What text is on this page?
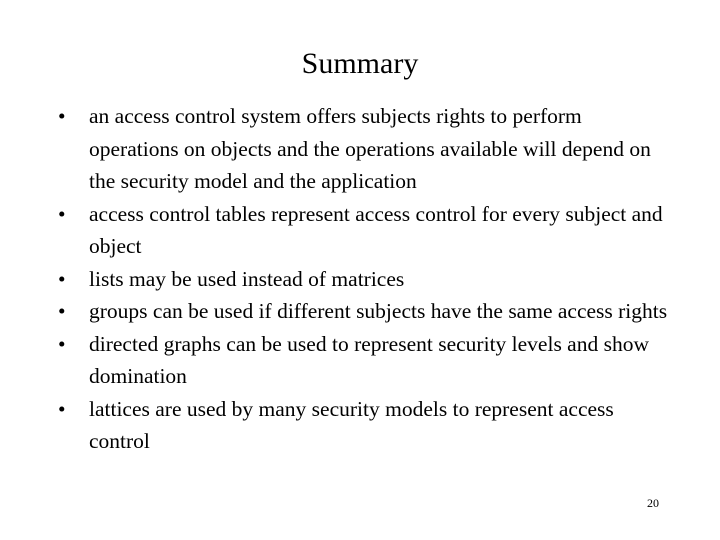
Summary
•	an access control system offers subjects rights to perform operations on objects and the operations available will depend on the security model and the application
•	access control tables represent access control for every subject and object
•	lists may be used instead of matrices
•	groups can be used if different subjects have the same access rights
•	directed graphs can be used to represent security levels and show domination
•	lattices are used by many security models to represent access control
20
